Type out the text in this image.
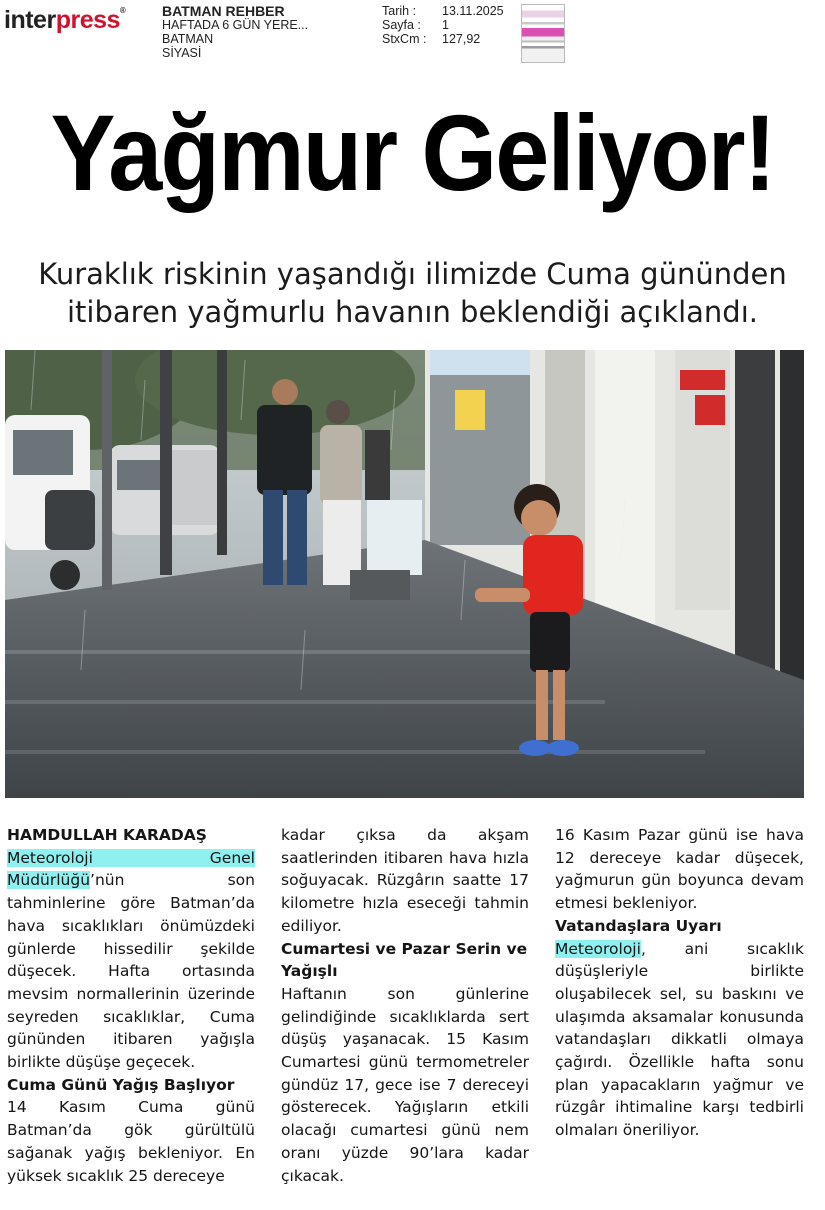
interpress®	BATMAN REHBER
HAFTADA 6 GÜN YERE...
BATMAN
SİYASİ
Tarih :	13.11.2025
Sayfa :	1
StxCm :	127,92
Yağmur Geliyor!
Kuraklık riskinin yaşandığı ilimizde Cuma gününden
itibaren yağmurlu havanın beklendiği açıklandı.

HAMDULLAH KARADAŞ

Meteoroloji Genel Müdürlüğü’nün son tahminlerine göre Batman’da hava sıcaklıkları önümüzdeki günlerde hissedilir şekilde düşecek. Hafta ortasında mevsim normallerinin üzerinde seyreden sıcaklıklar, Cuma gününden itibaren yağışla birlikte düşüşe geçecek.

Cuma Günü Yağış Başlıyor

14 Kasım Cuma günü Batman’da gök gürültülü sağanak yağış bekleniyor. En yüksek sıcaklık 25 dereceye

kadar çıksa da akşam saatlerinden itibaren hava hızla soğuyacak. Rüzgârın saatte 17 kilometre hızla eseceği tahmin ediliyor.

Cumartesi ve Pazar Serin ve Yağışlı

Haftanın son günlerine gelindiğinde sıcaklıklarda sert düşüş yaşanacak. 15 Kasım Cumartesi günü termometreler gündüz 17, gece ise 7 dereceyi gösterecek. Yağışların etkili olacağı cumartesi günü nem oranı yüzde 90’lara kadar çıkacak.

16 Kasım Pazar günü ise hava 12 dereceye kadar düşecek, yağmurun gün boyunca devam etmesi bekleniyor.

Vatandaşlara Uyarı

Meteoroloji, ani sıcaklık düşüşleriyle birlikte oluşabilecek sel, su baskını ve ulaşımda aksamalar konusunda vatandaşları dikkatli olmaya çağırdı. Özellikle hafta sonu plan yapacakların yağmur ve rüzgâr ihtimaline karşı tedbirli olmaları öneriliyor.
